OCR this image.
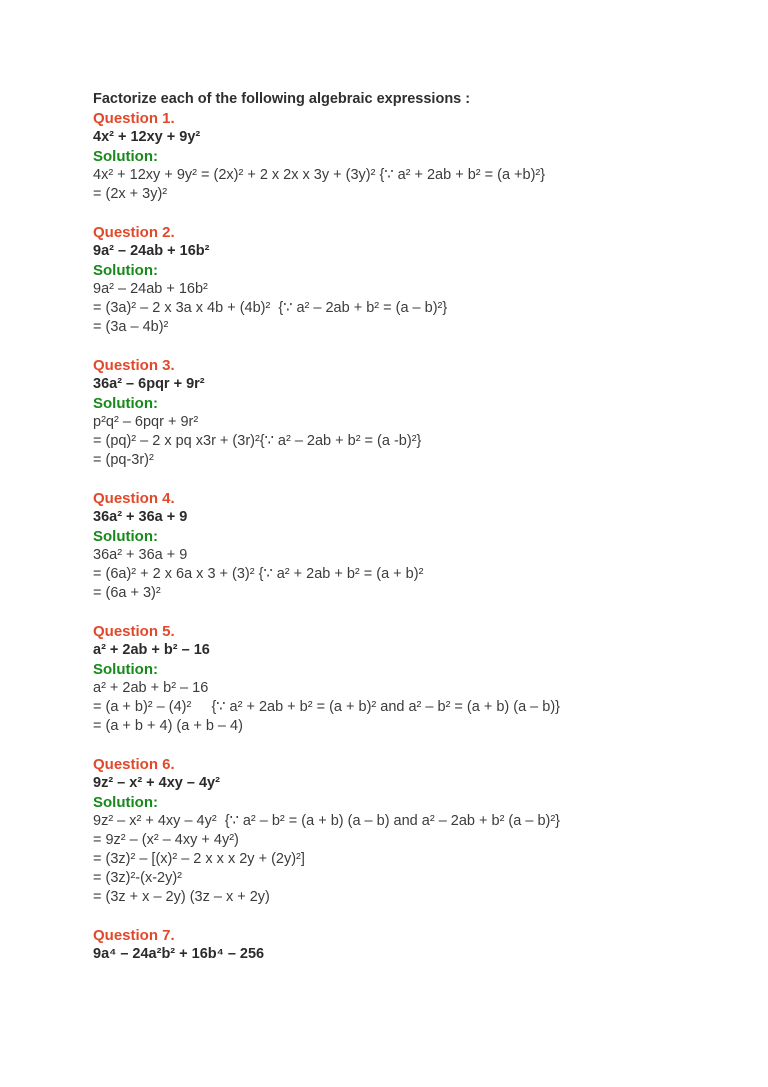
Factorize each of the following algebraic expressions :
Question 1.
4x² + 12xy + 9y²
Solution:
4x² + 12xy + 9y² = (2x)² + 2 x 2x x 3y + (3y)² {∵ a² + 2ab + b² = (a +b)²}
= (2x + 3y)²
Question 2.
9a² – 24ab + 16b²
Solution:
9a² – 24ab + 16b²
= (3a)² – 2 x 3a x 4b + (4b)²  {∵ a² – 2ab + b² = (a – b)²}
= (3a – 4b)²
Question 3.
36a² – 6pqr + 9r²
Solution:
p²q² – 6pqr + 9r²
= (pq)² – 2 x pq x3r + (3r)²{∵ a² – 2ab + b² = (a -b)²}
= (pq-3r)²
Question 4.
36a² + 36a + 9
Solution:
36a² + 36a + 9
= (6a)² + 2 x 6a x 3 + (3)² {∵ a² + 2ab + b² = (a + b)²
= (6a + 3)²
Question 5.
a² + 2ab + b² – 16
Solution:
a² + 2ab + b² – 16
= (a + b)² – (4)²     {∵ a² + 2ab + b² = (a + b)² and a² – b² = (a + b) (a – b)}
= (a + b + 4) (a + b – 4)
Question 6.
9z² – x² + 4xy – 4y²
Solution:
9z² – x² + 4xy – 4y²  {∵ a² – b² = (a + b) (a – b) and a² – 2ab + b² (a – b)²}
= 9z² – (x² – 4xy + 4y²)
= (3z)² – [(x)² – 2 x x x 2y + (2y)²]
= (3z)²-(x-2y)²
= (3z + x – 2y) (3z – x + 2y)
Question 7.
9a⁴ – 24a²b² + 16b⁴ – 256
